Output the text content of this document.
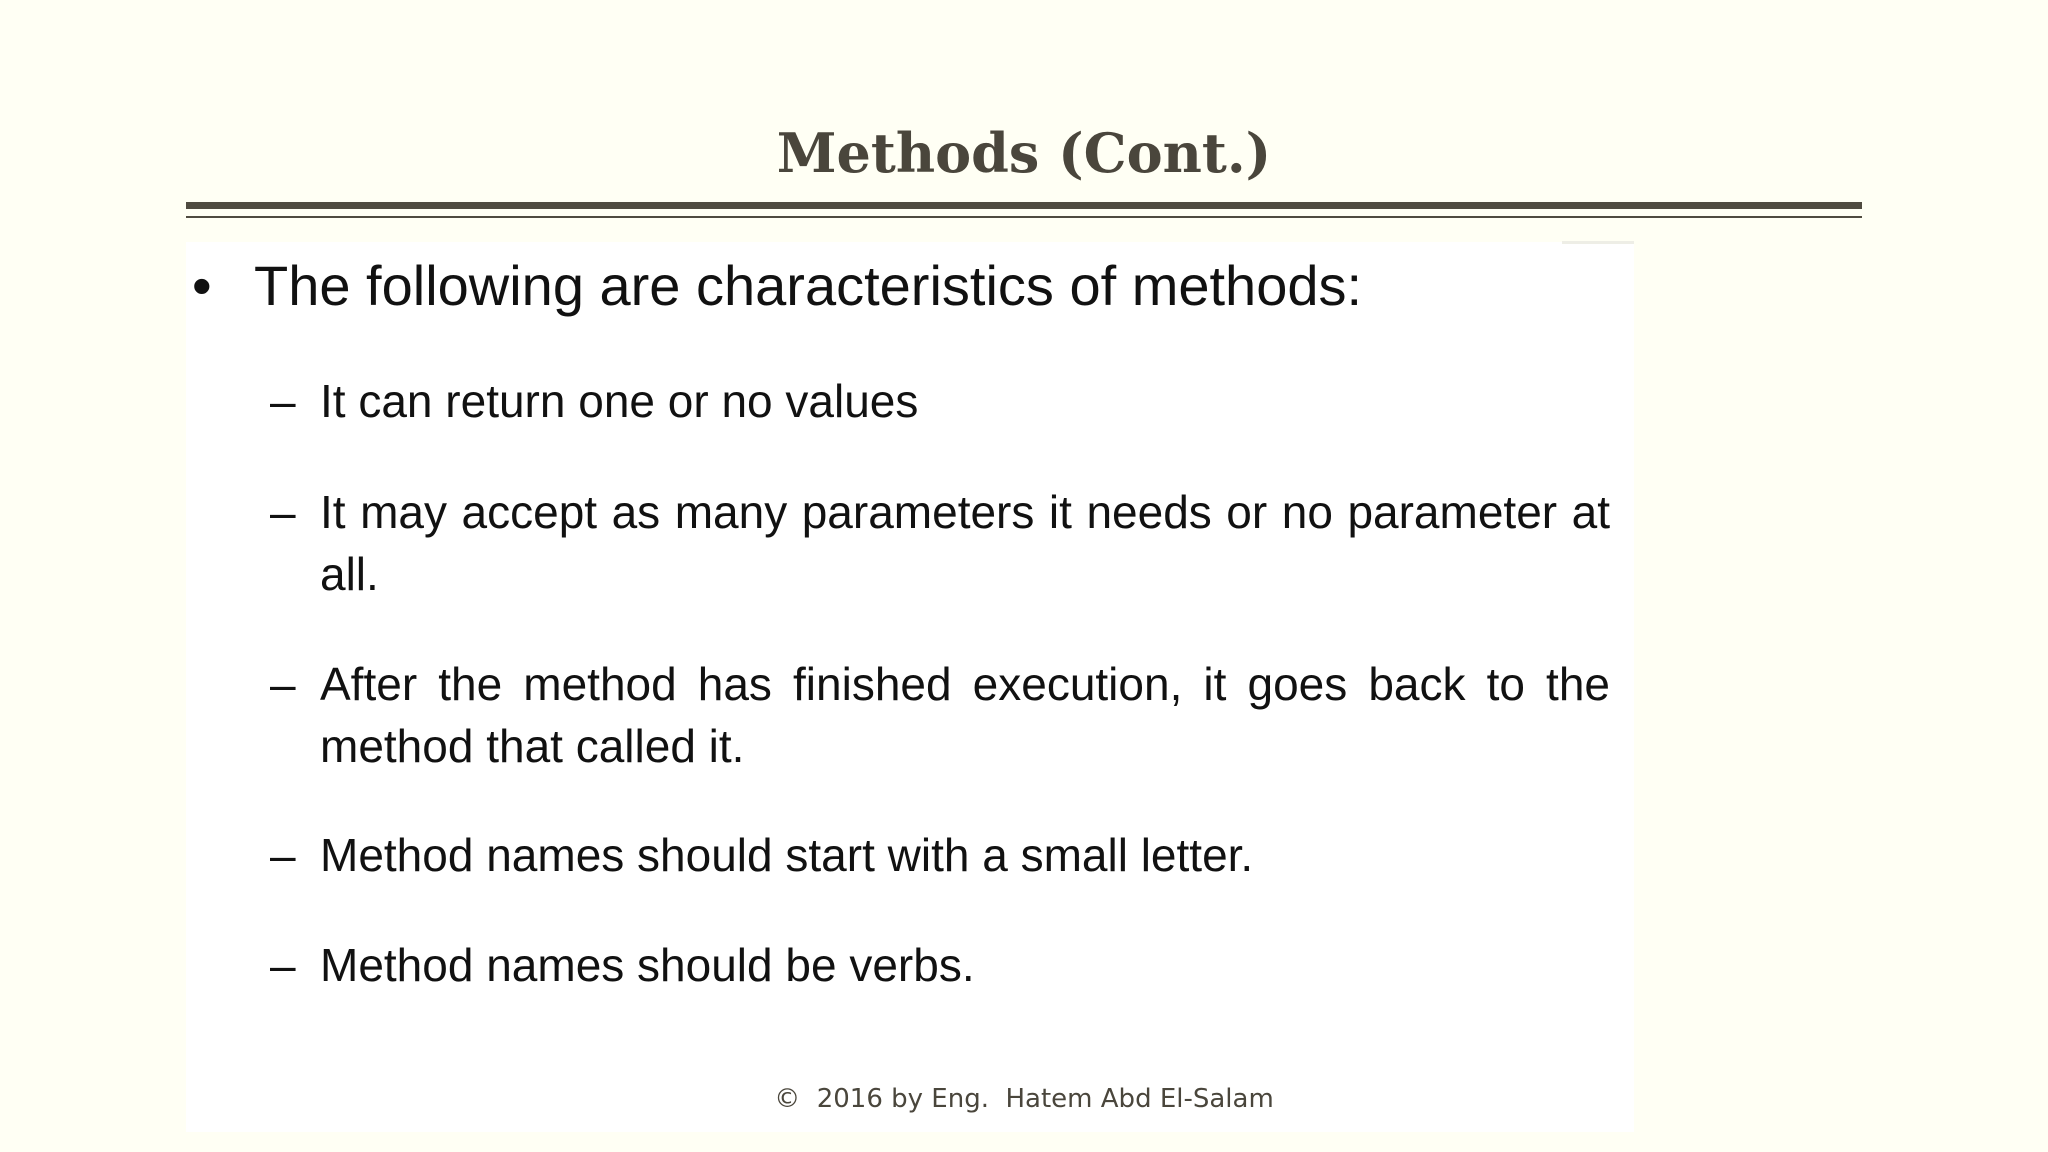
Methods (Cont.)
• The following are characteristics of methods:
– It can return one or no values
– It may accept as many parameters it needs or no parameter at all.
– After the method has finished execution, it goes back to the method that called it.
– Method names should start with a small letter.
– Method names should be verbs.
©  2016 by Eng.  Hatem Abd El-Salam
